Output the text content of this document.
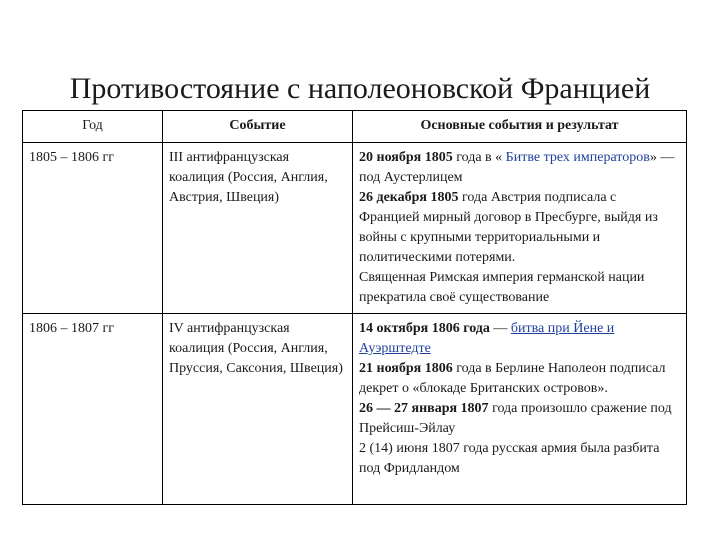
Противостояние с наполеоновской Францией
Год	Событие	Основные события и результат
1805 – 1806 гг	III антифранцузская коалиция (Россия, Англия, Австрия, Швеция)	20 ноября 1805 года в « Битве трех императоров» — под Аустерлицем
26 декабря 1805 года Австрия подписала с Францией мирный договор в Пресбурге, выйдя из войны с крупными территориальными и политическими потерями.
Священная Римская империя германской нации прекратила своё существование

1806 – 1807 гг	IV антифранцузская коалиция (Россия, Англия, Пруссия, Саксония, Швеция)	14 октября 1806 года — битва при Йене и Ауэрштедте
21 ноября 1806 года в Берлине Наполеон подписал декрет о «блокаде Британских островов».
26 — 27 января 1807 года произошло сражение под Прейсиш-Эйлау
2 (14) июня 1807 года русская армия была разбита под Фридландом
